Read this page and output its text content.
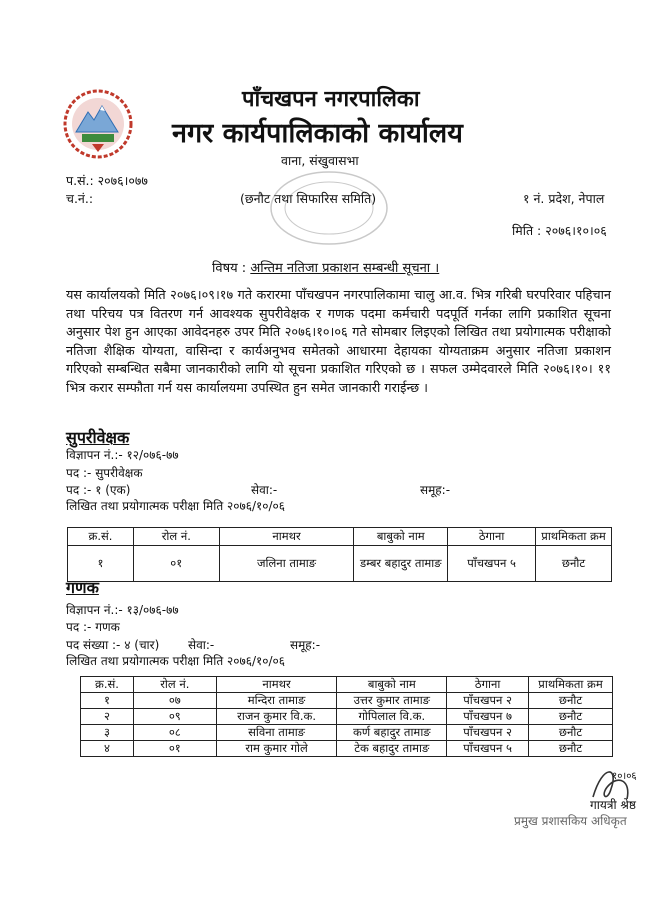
पाँचखपन नगरपालिका
नगर कार्यपालिकाको कार्यालय
वाना, संखुवासभा
प.सं.: २०७६।०७७
च.नं.:	(छनौट तथा सिफारिस समिति)	१ नं. प्रदेश, नेपाल
मिति : २०७६।१०।०६
विषय : अन्तिम नतिजा प्रकाशन सम्बन्धी सूचना ।
यस कार्यालयको मिति २०७६।०९।१७ गते करारमा पाँचखपन नगरपालिकामा चालु आ.व. भित्र गरिबी घरपरिवार पहिचान तथा परिचय पत्र वितरण गर्न आवश्यक सुपरीवेक्षक र गणक पदमा कर्मचारी पदपूर्ति गर्नका लागि प्रकाशित सूचना अनुसार पेश हुन आएका आवेदनहरु उपर मिति २०७६।१०।०६ गते सोमबार लिइएको लिखित तथा प्रयोगात्मक परीक्षाको नतिजा शैक्षिक योग्यता, वासिन्दा र कार्यअनुभव समेतको आधारमा देहायका योग्यताक्रम अनुसार नतिजा प्रकाशन गरिएको सम्बन्धित सबैमा जानकारीको लागि यो सूचना प्रकाशित गरिएको छ । सफल उम्मेदवारले मिति २०७६।१०। ११ भित्र करार सम्फौता गर्न यस कार्यालयमा उपस्थित हुन समेत जानकारी गराईन्छ ।
सुपरीवेक्षक
विज्ञापन नं.:- १२/०७६-७७
पद :- सुपरीवेक्षक
पद :- १ (एक)	सेवा:-	समूह:-
लिखित तथा प्रयोगात्मक परीक्षा मिति २०७६/१०/०६
क्र.सं.	रोल नं.	नामथर	बाबुको नाम	ठेगाना	प्राथमिकता क्रम
१	०१	जलिना तामाङ	डम्बर बहादुर तामाङ	पाँचखपन ५	छनौट
गणक
विज्ञापन नं.:- १३/०७६-७७
पद :- गणक
पद संख्या :- ४ (चार) सेवा:-	समूह:-
लिखित तथा प्रयोगात्मक परीक्षा मिति २०७६/१०/०६
क्र.सं.	रोल नं.	नामथर	बाबुको नाम	ठेगाना	प्राथमिकता क्रम
१	०७	मन्दिरा तामाङ	उत्तर कुमार तामाङ	पाँचखपन २	छनौट
२	०९	राजन कुमार वि.क.	गोपिलाल वि.क.	पाँचखपन ७	छनौट
३	०८	सविना तामाङ	कर्ण बहादुर तामाङ	पाँचखपन २	छनौट
४	०१	राम कुमार गोले	टेक बहादुर तामाङ	पाँचखपन ५	छनौट
१०।०६
गायत्री श्रेष्ठ
प्रमुख प्रशासकिय अधिकृत
